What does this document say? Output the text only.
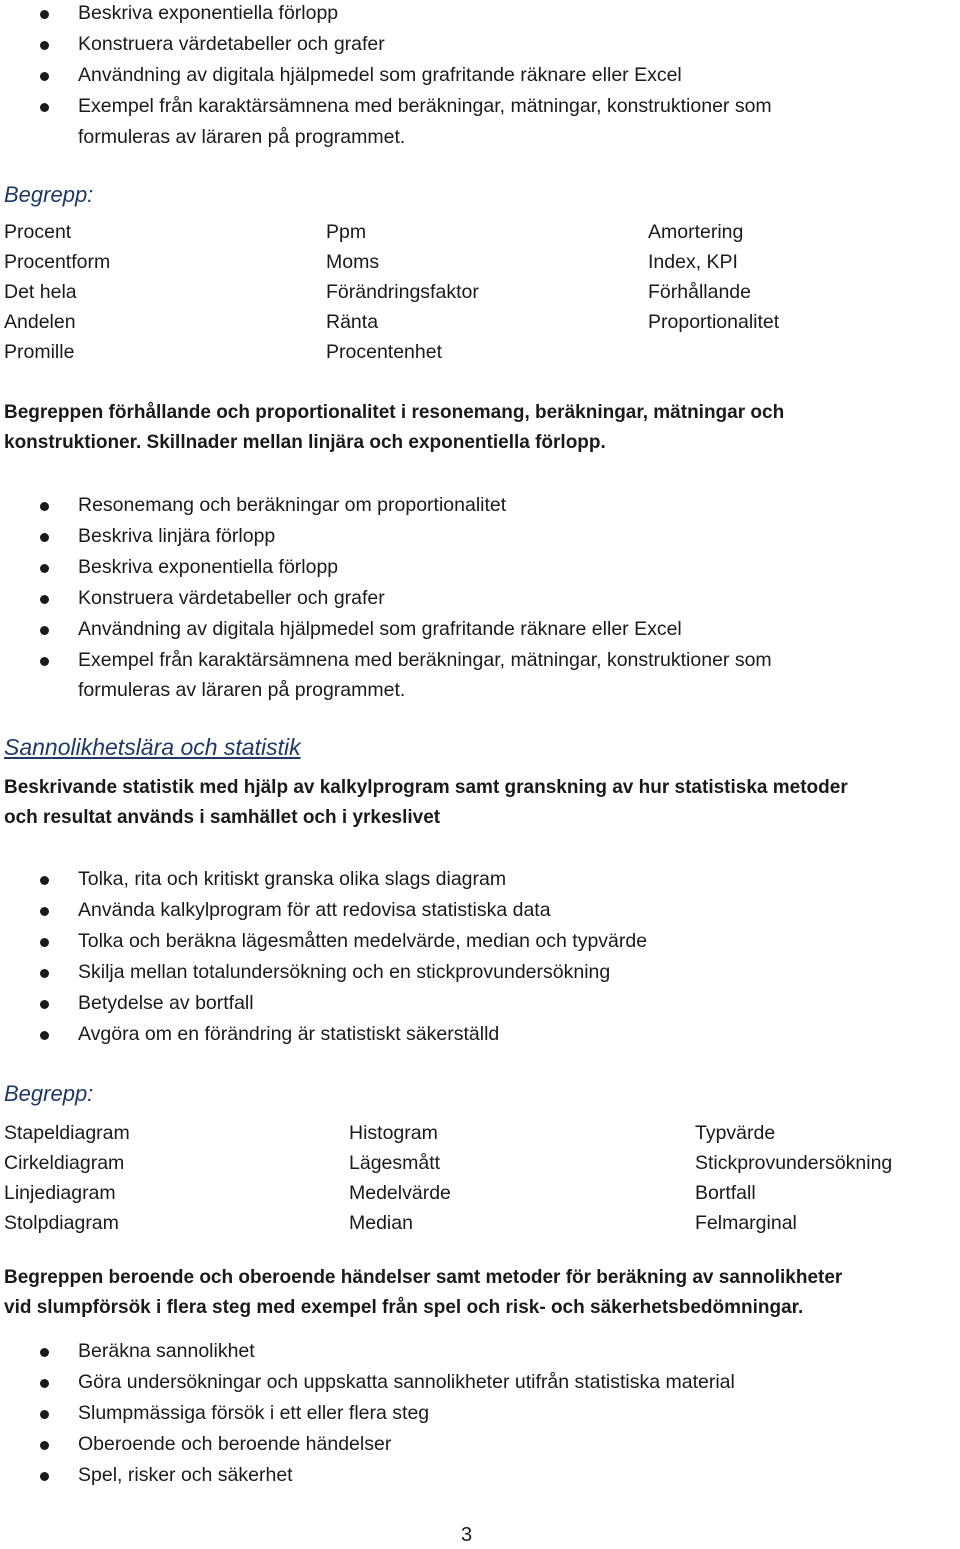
Beskriva exponentiella förlopp
Konstruera värdetabeller och grafer
Användning av digitala hjälpmedel som grafritande räknare eller Excel
Exempel från karaktärsämnena med beräkningar, mätningar, konstruktioner som
formuleras av läraren på programmet.
Begrepp:
Procent
Procentform
Det hela
Andelen
Promille
Ppm
Moms
Förändringsfaktor
Ränta
Procentenhet
Amortering
Index, KPI
Förhållande
Proportionalitet
Begreppen förhållande och proportionalitet i resonemang, beräkningar, mätningar och
konstruktioner. Skillnader mellan linjära och exponentiella förlopp.
Resonemang och beräkningar om proportionalitet
Beskriva linjära förlopp
Beskriva exponentiella förlopp
Konstruera värdetabeller och grafer
Användning av digitala hjälpmedel som grafritande räknare eller Excel
Exempel från karaktärsämnena med beräkningar, mätningar, konstruktioner som
formuleras av läraren på programmet.
Sannolikhetslära och statistik
Beskrivande statistik med hjälp av kalkylprogram samt granskning av hur statistiska metoder
och resultat används i samhället och i yrkeslivet
Tolka, rita och kritiskt granska olika slags diagram
Använda kalkylprogram för att redovisa statistiska data
Tolka och beräkna lägesmåtten medelvärde, median och typvärde
Skilja mellan totalundersökning och en stickprovundersökning
Betydelse av bortfall
Avgöra om en förändring är statistiskt säkerställd
Begrepp:
Stapeldiagram
Cirkeldiagram
Linjediagram
Stolpdiagram
Histogram
Lägesmått
Medelvärde
Median
Typvärde
Stickprovundersökning
Bortfall
Felmarginal
Begreppen beroende och oberoende händelser samt metoder för beräkning av sannolikheter
vid slumpförsök i flera steg med exempel från spel och risk- och säkerhetsbedömningar.
Beräkna sannolikhet
Göra undersökningar och uppskatta sannolikheter utifrån statistiska material
Slumpmässiga försök i ett eller flera steg
Oberoende och beroende händelser
Spel, risker och säkerhet
3
